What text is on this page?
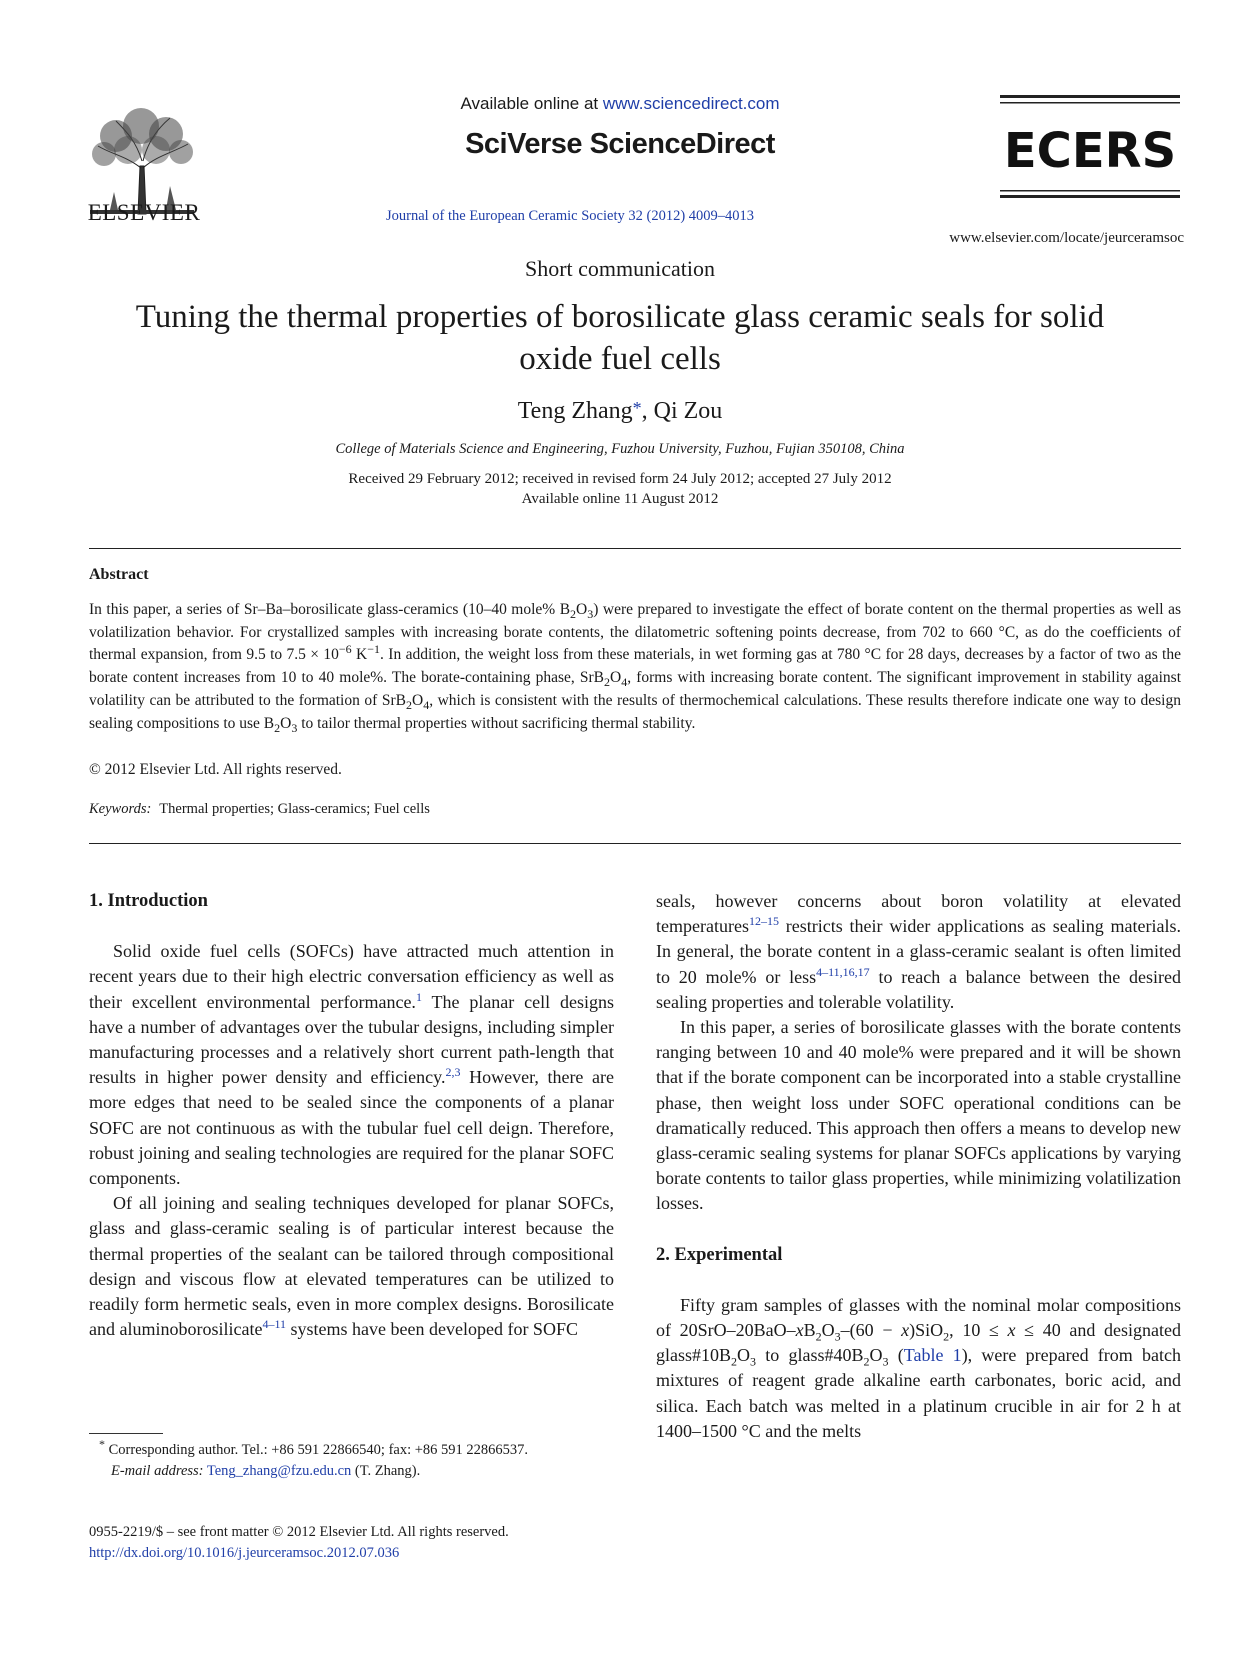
ELSEVIER
Available online at www.sciencedirect.com
SciVerse ScienceDirect
Journal of the European Ceramic Society 32 (2012) 4009–4013
ECERS
www.elsevier.com/locate/jeurceramsoc
Short communication
Tuning the thermal properties of borosilicate glass ceramic seals for solid oxide fuel cells
Teng Zhang*, Qi Zou
College of Materials Science and Engineering, Fuzhou University, Fuzhou, Fujian 350108, China
Received 29 February 2012; received in revised form 24 July 2012; accepted 27 July 2012
Available online 11 August 2012
Abstract
In this paper, a series of Sr–Ba–borosilicate glass-ceramics (10–40 mole% $B_2O_3$) were prepared to investigate the effect of borate content on the thermal properties as well as volatilization behavior. For crystallized samples with increasing borate contents, the dilatometric softening points decrease, from 702 to 660 °C, as do the coefficients of thermal expansion, from 9.5 to $7.5 \times 10^{-6}$ $K^{-1}$. In addition, the weight loss from these materials, in wet forming gas at 780 °C for 28 days, decreases by a factor of two as the borate content increases from 10 to 40 mole%. The borate-containing phase, $SrB_2O_4$, forms with increasing borate content. The significant improvement in stability against volatility can be attributed to the formation of $SrB_2O_4$, which is consistent with the results of thermochemical calculations. These results therefore indicate one way to design sealing compositions to use $B_2O_3$ to tailor thermal properties without sacrificing thermal stability.
© 2012 Elsevier Ltd. All rights reserved.
Keywords: Thermal properties; Glass-ceramics; Fuel cells
1. Introduction

Solid oxide fuel cells (SOFCs) have attracted much attention in recent years due to their high electric conversation efficiency as well as their excellent environmental performance.$^1$ The planar cell designs have a number of advantages over the tubular designs, including simpler manufacturing processes and a relatively short current path-length that results in higher power density and efficiency.$^{2,3}$ However, there are more edges that need to be sealed since the components of a planar SOFC are not continuous as with the tubular fuel cell deign. Therefore, robust joining and sealing technologies are required for the planar SOFC components.

Of all joining and sealing techniques developed for planar SOFCs, glass and glass-ceramic sealing is of particular interest because the thermal properties of the sealant can be tailored through compositional design and viscous flow at elevated temperatures can be utilized to readily form hermetic seals, even in more complex designs. Borosilicate and aluminoborosilicate$^{4-11}$ systems have been developed for SOFC

* Corresponding author. Tel.: +86 591 22866540; fax: +86 591 22866537.
E-mail address: Teng_zhang@fzu.edu.cn (T. Zhang).
0955-2219/$ – see front matter © 2012 Elsevier Ltd. All rights reserved.
http://dx.doi.org/10.1016/j.jeurceramsoc.2012.07.036

seals, however concerns about boron volatility at elevated temperatures$^{12-15}$ restricts their wider applications as sealing materials. In general, the borate content in a glass-ceramic sealant is often limited to 20 mole% or less$^{4-11,16,17}$ to reach a balance between the desired sealing properties and tolerable volatility.

In this paper, a series of borosilicate glasses with the borate contents ranging between 10 and 40 mole% were prepared and it will be shown that if the borate component can be incorporated into a stable crystalline phase, then weight loss under SOFC operational conditions can be dramatically reduced. This approach then offers a means to develop new glass-ceramic sealing systems for planar SOFCs applications by varying borate contents to tailor glass properties, while minimizing volatilization losses.

2. Experimental

Fifty gram samples of glasses with the nominal molar compositions of $20SrO-20BaO-xB_2O_3-(60 - x)SiO_2$, 10 ≤ x ≤ 40 and designated $glass\#10B_2O_3$ to $glass\#40B_2O_3$ (Table 1), were prepared from batch mixtures of reagent grade alkaline earth carbonates, boric acid, and silica. Each batch was melted in a platinum crucible in air for 2 h at 1400–1500 °C and the melts
